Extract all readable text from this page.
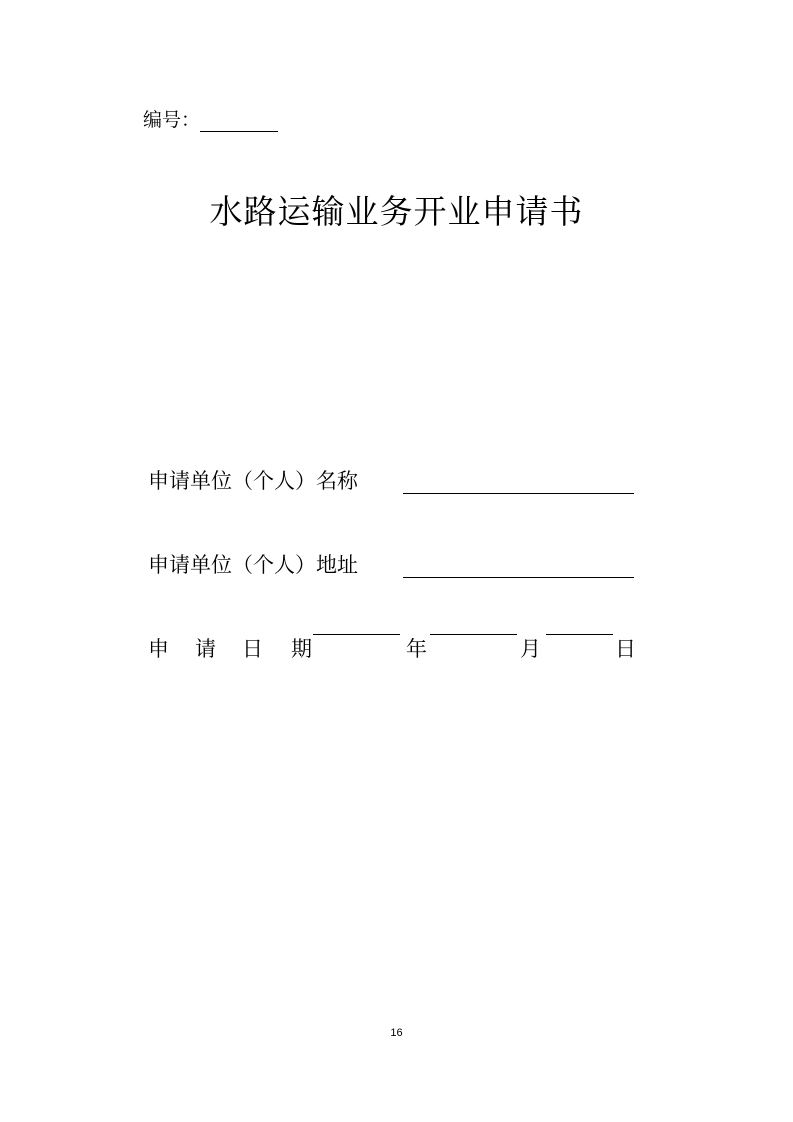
编号：
水路运输业务开业申请书
申请单位（个人）名称
申请单位（个人）地址
申 请 日 期	年	月	日
16
